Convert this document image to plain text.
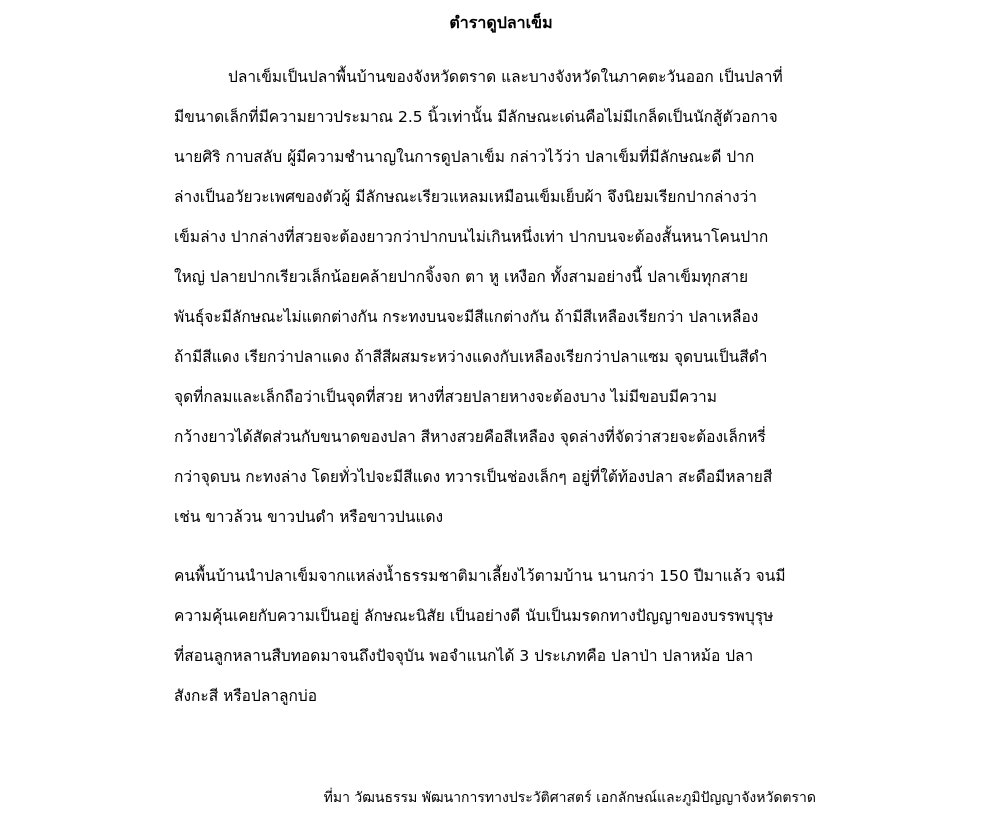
ตำราดูปลาเข็ม
ปลาเข็มเป็นปลาพื้นบ้านของจังหวัดตราด และบางจังหวัดในภาคตะวันออก เป็นปลาที่
มีขนาดเล็กที่มีความยาวประมาณ 2.5 นิ้วเท่านั้น มีลักษณะเด่นคือไม่มีเกล็ดเป็นนักสู้ตัวอกาจ
นายศิริ กาบสลับ ผู้มีความชำนาญในการดูปลาเข็ม กล่าวไว้ว่า ปลาเข็มที่มีลักษณะดี ปาก
ล่างเป็นอวัยวะเพศของตัวผู้ มีลักษณะเรียวแหลมเหมือนเข็มเย็บผ้า จึงนิยมเรียกปากล่างว่า
เข็มล่าง ปากล่างที่สวยจะต้องยาวกว่าปากบนไม่เกินหนึ่งเท่า ปากบนจะต้องสั้นหนาโคนปาก
ใหญ่ ปลายปากเรียวเล็กน้อยคล้ายปากจิ้งจก ตา หู เหงือก ทั้งสามอย่างนี้ ปลาเข็มทุกสาย
พันธุ์จะมีลักษณะไม่แตกต่างกัน กระทงบนจะมีสีแกต่างกัน ถ้ามีสีเหลืองเรียกว่า ปลาเหลือง
ถ้ามีสีแดง เรียกว่าปลาแดง ถ้าสีสีผสมระหว่างแดงกับเหลืองเรียกว่าปลาแซม จุดบนเป็นสีดำ
จุดที่กลมและเล็กถือว่าเป็นจุดที่สวย หางที่สวยปลายหางจะต้องบาง ไม่มีขอบมีความ
กว้างยาวได้สัดส่วนกับขนาดของปลา สีหางสวยคือสีเหลือง จุดล่างที่จัดว่าสวยจะต้องเล็กหรี่
กว่าจุดบน กะทงล่าง โดยทั่วไปจะมีสีแดง ทวารเป็นช่องเล็กๆ อยู่ที่ใต้ท้องปลา สะดือมีหลายสี
เช่น ขาวล้วน ขาวปนดำ หรือขาวปนแดง
คนพื้นบ้านนำปลาเข็มจากแหล่งน้ำธรรมชาติมาเลี้ยงไว้ตามบ้าน นานกว่า 150 ปีมาแล้ว จนมี
ความคุ้นเคยกับความเป็นอยู่ ลักษณะนิสัย เป็นอย่างดี นับเป็นมรดกทางปัญญาของบรรพบุรุษ
ที่สอนลูกหลานสืบทอดมาจนถึงปัจจุบัน พอจำแนกได้ 3 ประเภทคือ ปลาป่า ปลาหม้อ ปลา
สังกะสี หรือปลาลูกบ่อ
ที่มา วัฒนธรรม พัฒนาการทางประวัติศาสตร์ เอกลักษณ์และภูมิปัญญาจังหวัดตราด
